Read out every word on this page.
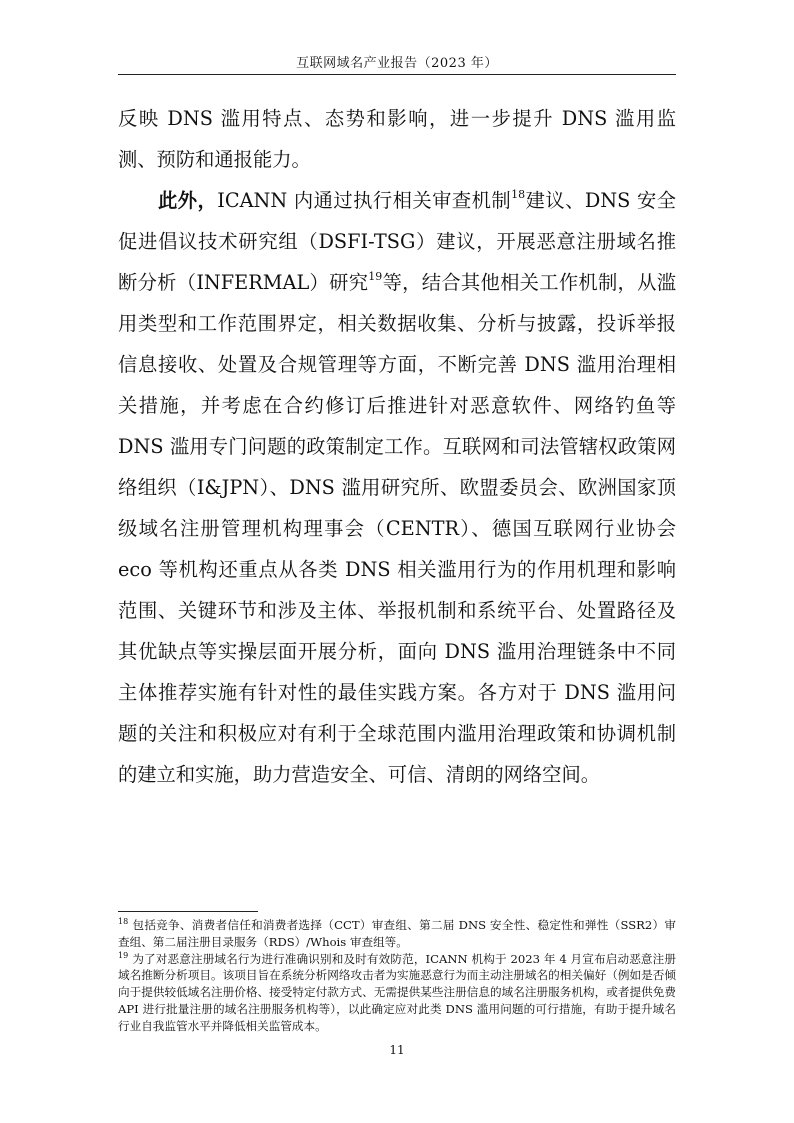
互联网域名产业报告（2023 年）

反映 DNS 滥用特点、态势和影响，进一步提升 DNS 滥用监测、预防和通报能力。

此外，ICANN 内通过执行相关审查机制$^{18}$建议、DNS 安全促进倡议技术研究组（DSFI-TSG）建议，开展恶意注册域名推断分析（INFERMAL）研究$^{19}$等，结合其他相关工作机制，从滥用类型和工作范围界定，相关数据收集、分析与披露，投诉举报信息接收、处置及合规管理等方面，不断完善 DNS 滥用治理相关措施，并考虑在合约修订后推进针对恶意软件、网络钓鱼等 DNS 滥用专门问题的政策制定工作。互联网和司法管辖权政策网络组织（I&JPN）、DNS 滥用研究所、欧盟委员会、欧洲国家顶级域名注册管理机构理事会（CENTR）、德国互联网行业协会 eco 等机构还重点从各类 DNS 相关滥用行为的作用机理和影响范围、关键环节和涉及主体、举报机制和系统平台、处置路径及其优缺点等实操层面开展分析，面向 DNS 滥用治理链条中不同主体推荐实施有针对性的最佳实践方案。各方对于 DNS 滥用问题的关注和积极应对有利于全球范围内滥用治理政策和协调机制的建立和实施，助力营造安全、可信、清朗的网络空间。

$^{18}$ 包括竞争、消费者信任和消费者选择（CCT）审查组、第二届 DNS 安全性、稳定性和弹性（SSR2）审查组、第二届注册目录服务（RDS）/Whois 审查组等。

$^{19}$ 为了对恶意注册域名行为进行准确识别和及时有效防范，ICANN 机构于 2023 年 4 月宣布启动恶意注册域名推断分析项目。该项目旨在系统分析网络攻击者为实施恶意行为而主动注册域名的相关偏好（例如是否倾向于提供较低域名注册价格、接受特定付款方式、无需提供某些注册信息的域名注册服务机构，或者提供免费 API 进行批量注册的域名注册服务机构等），以此确定应对此类 DNS 滥用问题的可行措施，有助于提升域名行业自我监管水平并降低相关监管成本。

11
